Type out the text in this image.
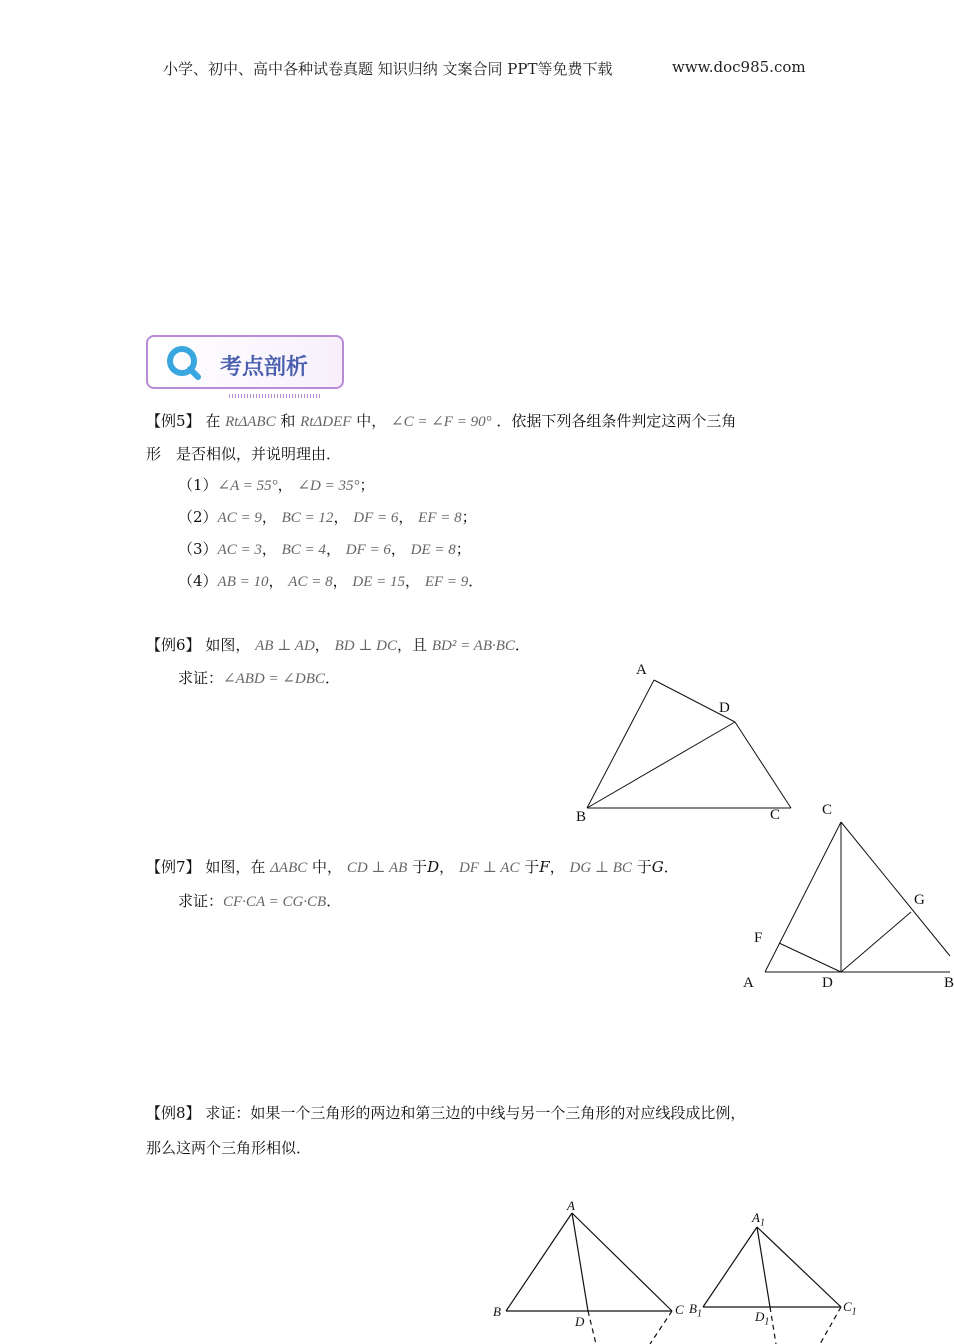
小学、初中、高中各种试卷真题 知识归纳 文案合同 PPT等免费下载	www.doc985.com
考点剖析
【例5】 在 RtΔABC 和 RtΔDEF 中， ∠C = ∠F = 90° ．依据下列各组条件判定这两个三角
形　是否相似，并说明理由．
（1）∠A = 55°， ∠D = 35°；
（2）AC = 9， BC = 12， DF = 6， EF = 8；
（3）AC = 3， BC = 4， DF = 6， DE = 8；
（4）AB = 10， AC = 8， DE = 15， EF = 9．
【例6】 如图， AB ⊥ AD， BD ⊥ DC，且 BD² = AB·BC．
求证：∠ABD = ∠DBC．	A
D
B	C
【例7】 如图，在 ΔABC 中， CD ⊥ AB 于D， DF ⊥ AC 于F， DG ⊥ BC 于G．
求证：CF·CA = CG·CB．
C
G
F
A	D	B
【例8】 求证：如果一个三角形的两边和第三边的中线与另一个三角形的对应线段成比例，
那么这两个三角形相似．
A
B	C
D
$A_1$
$B_1$
$C_1$
$D_1$
